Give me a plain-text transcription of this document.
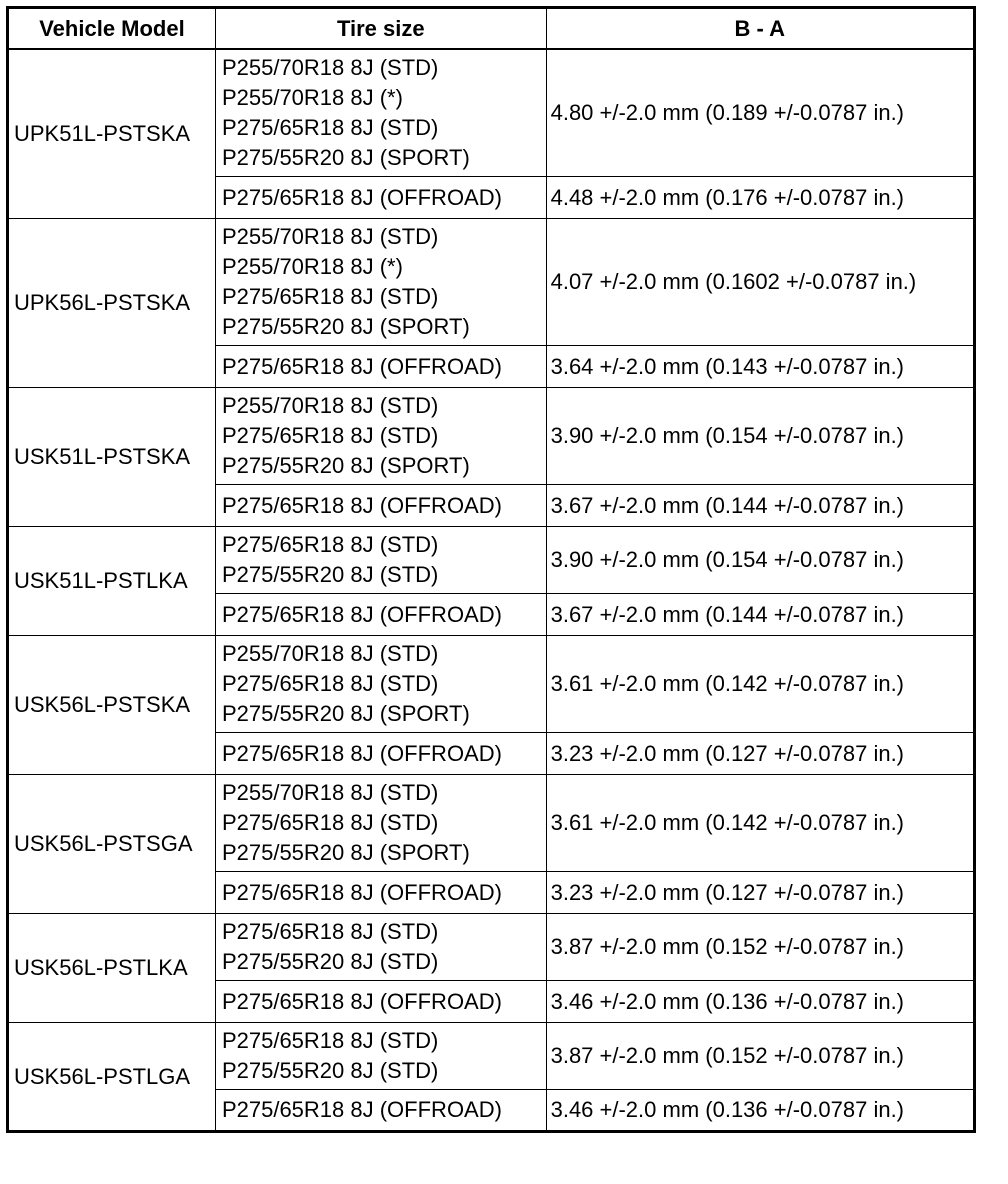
Vehicle Model	Tire size	B - A
UPK51L-PSTSKA	P255/70R18 8J (STD)
P255/70R18 8J (*)
P275/65R18 8J (STD)
P275/55R20 8J (SPORT)	4.80 +/-2.0 mm (0.189 +/-0.0787 in.)

	P275/65R18 8J (OFFROAD)	4.48 +/-2.0 mm (0.176 +/-0.0787 in.)
UPK56L-PSTSKA	P255/70R18 8J (STD)
P255/70R18 8J (*)
P275/65R18 8J (STD)
P275/55R20 8J (SPORT)	4.07 +/-2.0 mm (0.1602 +/-0.0787 in.)

	P275/65R18 8J (OFFROAD)	3.64 +/-2.0 mm (0.143 +/-0.0787 in.)
USK51L-PSTSKA	P255/70R18 8J (STD)
P275/65R18 8J (STD)
P275/55R20 8J (SPORT)	3.90 +/-2.0 mm (0.154 +/-0.0787 in.)

	P275/65R18 8J (OFFROAD)	3.67 +/-2.0 mm (0.144 +/-0.0787 in.)
USK51L-PSTLKA	P275/65R18 8J (STD)
P275/55R20 8J (STD)	3.90 +/-2.0 mm (0.154 +/-0.0787 in.)

	P275/65R18 8J (OFFROAD)	3.67 +/-2.0 mm (0.144 +/-0.0787 in.)
USK56L-PSTSKA	P255/70R18 8J (STD)
P275/65R18 8J (STD)
P275/55R20 8J (SPORT)	3.61 +/-2.0 mm (0.142 +/-0.0787 in.)

	P275/65R18 8J (OFFROAD)	3.23 +/-2.0 mm (0.127 +/-0.0787 in.)
USK56L-PSTSGA	P255/70R18 8J (STD)
P275/65R18 8J (STD)
P275/55R20 8J (SPORT)	3.61 +/-2.0 mm (0.142 +/-0.0787 in.)

	P275/65R18 8J (OFFROAD)	3.23 +/-2.0 mm (0.127 +/-0.0787 in.)
USK56L-PSTLKA	P275/65R18 8J (STD)
P275/55R20 8J (STD)	3.87 +/-2.0 mm (0.152 +/-0.0787 in.)

	P275/65R18 8J (OFFROAD)	3.46 +/-2.0 mm (0.136 +/-0.0787 in.)
USK56L-PSTLGA	P275/65R18 8J (STD)
P275/55R20 8J (STD)	3.87 +/-2.0 mm (0.152 +/-0.0787 in.)

	P275/65R18 8J (OFFROAD)	3.46 +/-2.0 mm (0.136 +/-0.0787 in.)
